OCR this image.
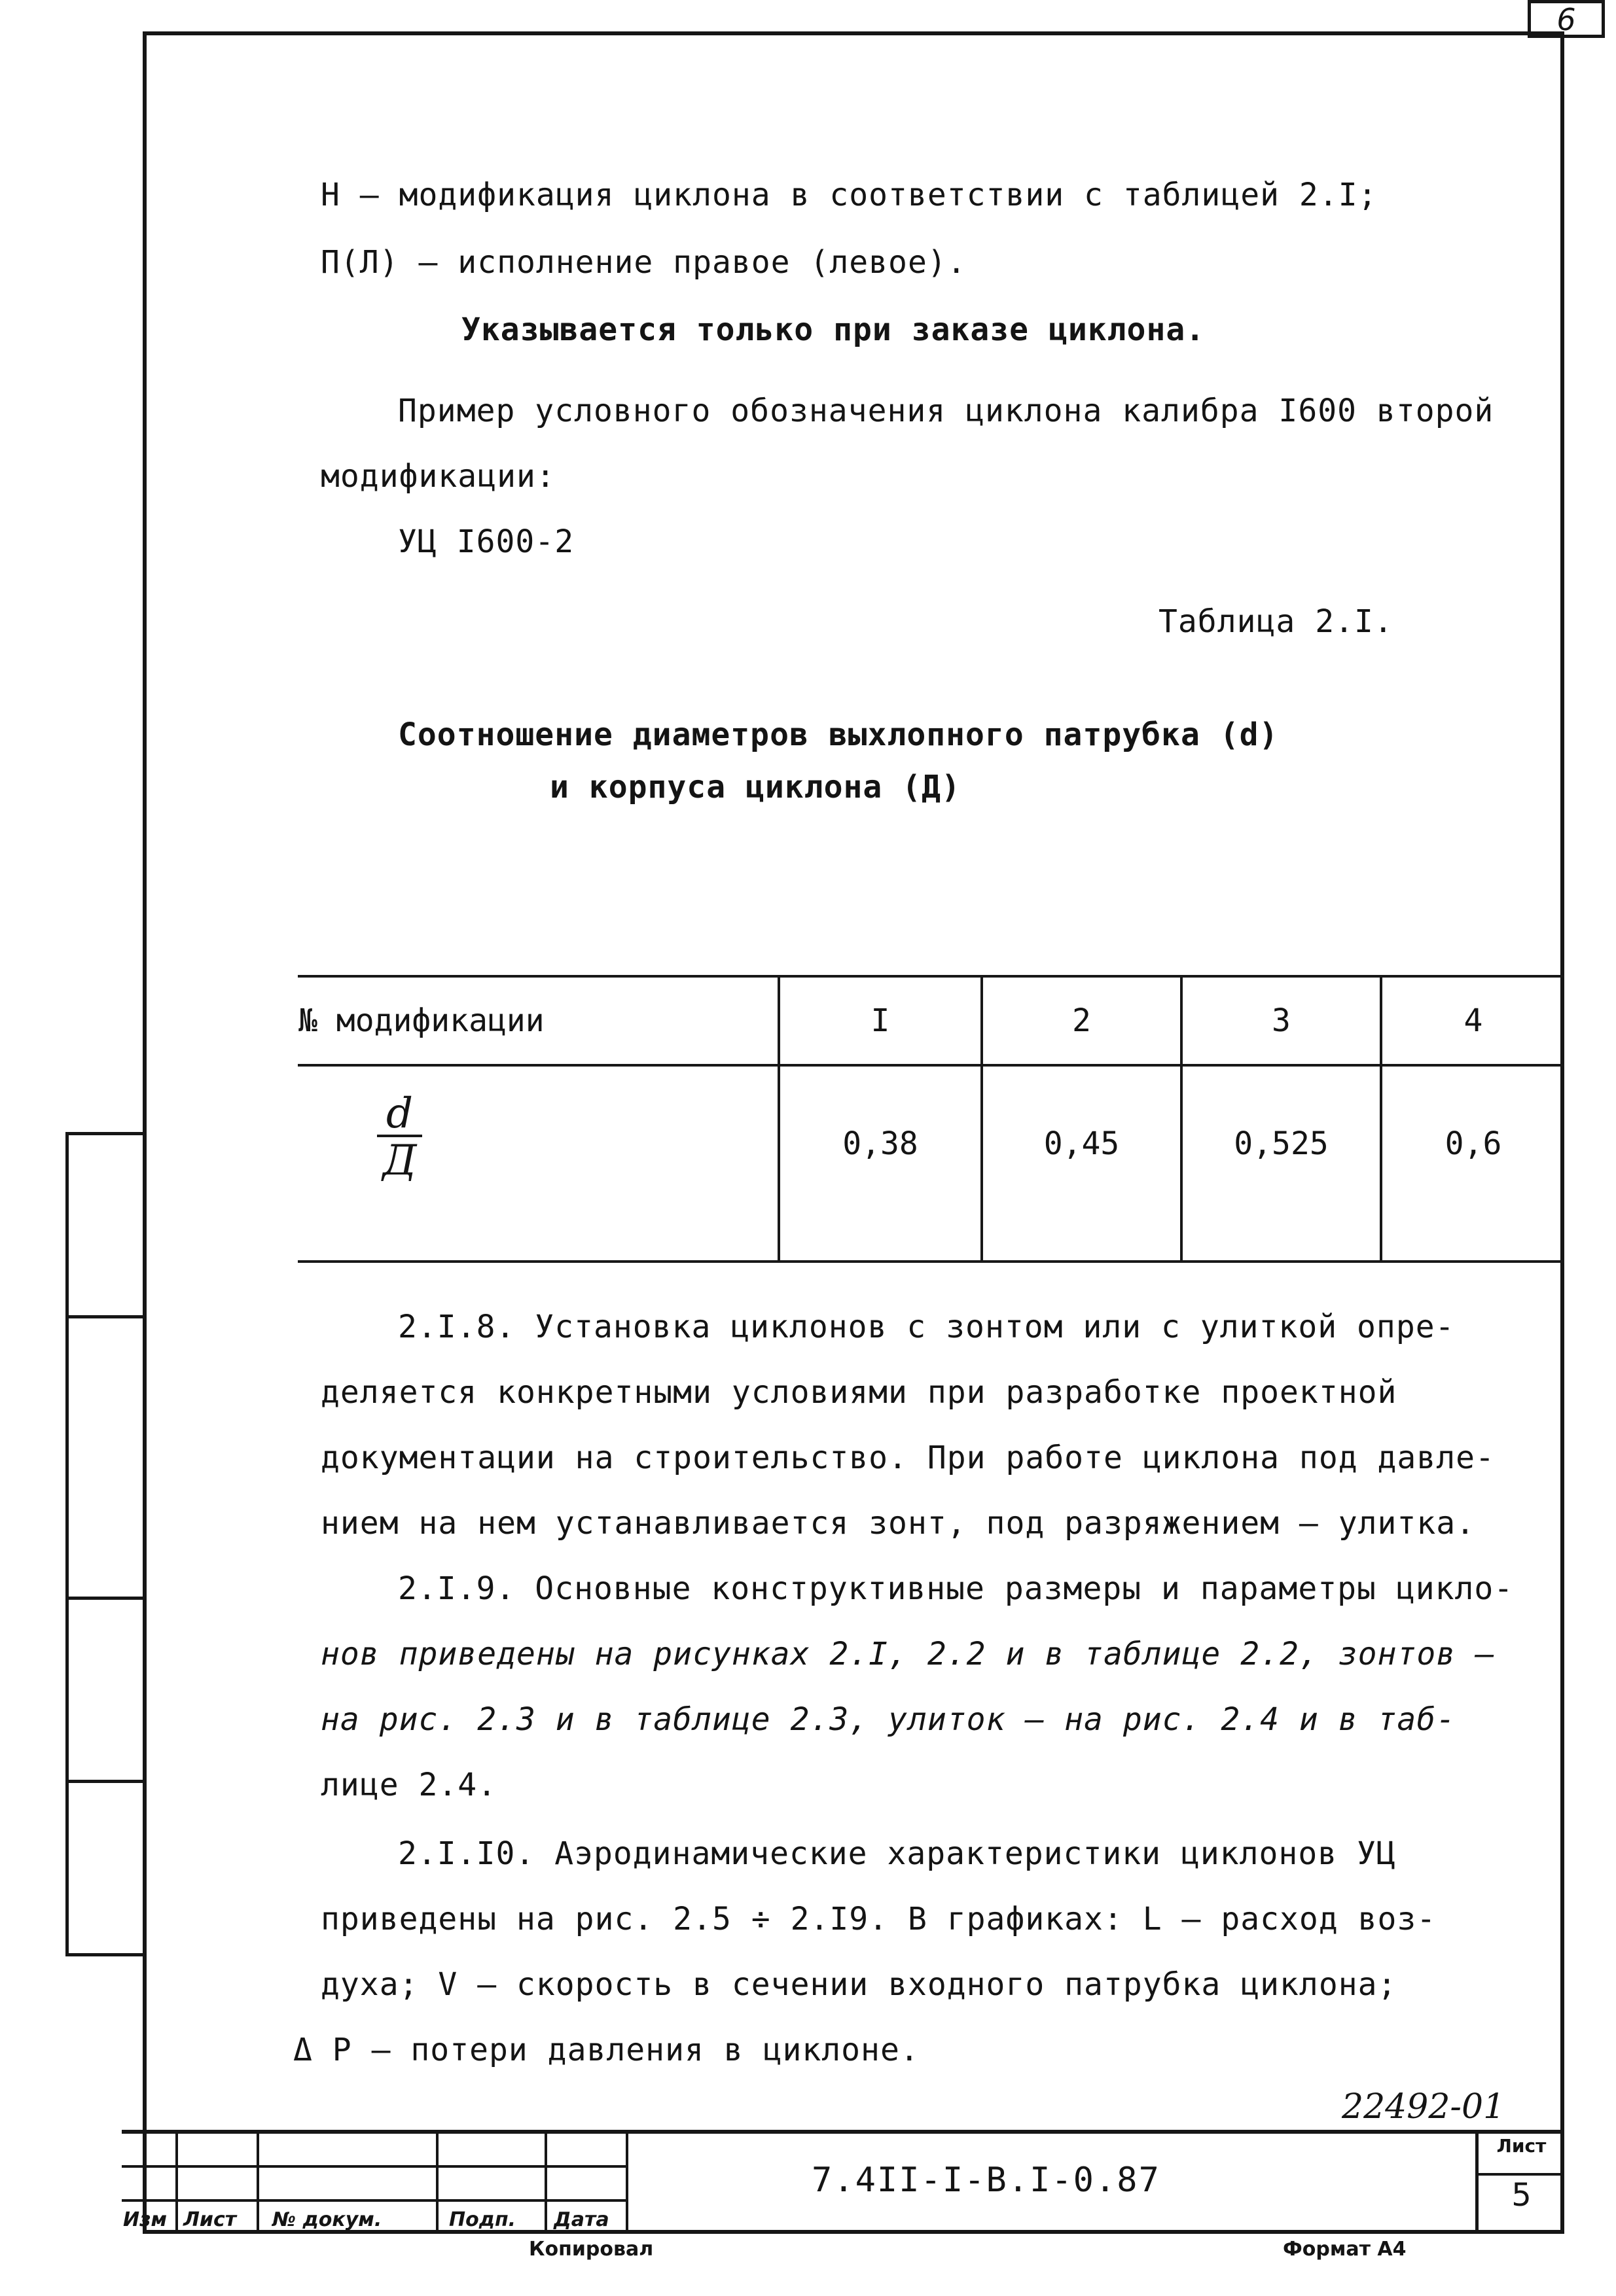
6
Н – модификация циклона в соответствии с таблицей 2.I;
П(Л) – исполнение правое (левое).
Указывается только при заказе циклона.
Пример условного обозначения циклона калибра I600 второй
модификации:
УЦ I600-2
Таблица 2.I.
Соотношение диаметров выхлопного патрубка (d)
и корпуса циклона (Д)
№ модификации	I	2	3	4

$\frac{d}{Д}$	0,38	0,45	0,525	0,6
2.I.8. Установка циклонов с зонтом или с улиткой опре-
деляется конкретными условиями при разработке проектной
документации на строительство. При работе циклона под давле-
нием на нем устанавливается зонт, под разряжением – улитка.
2.I.9. Основные конструктивные размеры и параметры цикло-
нов приведены на рисунках 2.I, 2.2 и в таблице 2.2, зонтов –
на рис. 2.3 и в таблице 2.3, улиток – на рис. 2.4 и в таб-
лице 2.4.
2.I.I0. Аэродинамические характеристики циклонов УЦ
приведены на рис. 2.5 ÷ 2.I9. В графиках: L – расход воз-
духа; V – скорость в сечении входного патрубка циклона;
Δ Р – потери давления в циклоне.
22492-01
Изм Лист № докум.	Подп. Дата
7.4II-I-В.I-0.87
Лист
5
Копировал	Формат А4
